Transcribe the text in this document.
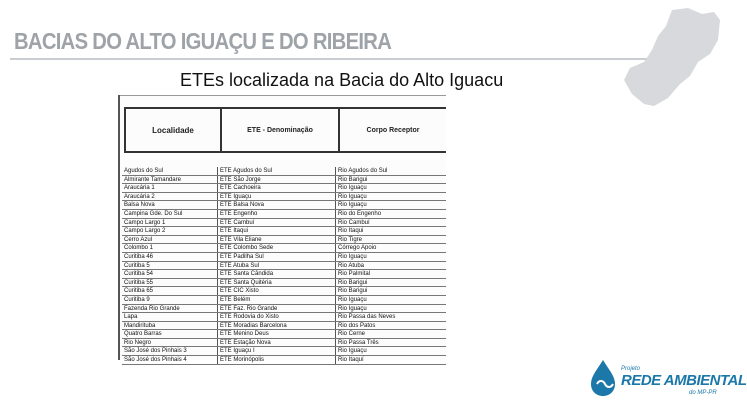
BACIAS DO ALTO IGUAÇU E DO RIBEIRA
ETEs localizada na Bacia do Alto Iguacu
Localidade	ETE - Denominação	Corpo Receptor
Agudos do Sul	ETE Agudos do Sul	Rio Agudos do Sul
Almirante Tamandare	ETE São Jorge	Rio Barigui
Araucária 1	ETE Cachoeira	Rio Iguaçu
Araucária 2	ETE Iguaçu	Rio Iguaçu
Balsa Nova	ETE Balsa Nova	Rio Iguaçu
Campina Gde. Do Sul	ETE Engenho	Rio do Engenho
Campo Largo 1	ETE Cambuí	Rio Cambuí
Campo Largo 2	ETE Itaqui	Rio Itaqui
Cerro Azul	ETE Vila Eliane	Rio Tigre
Colombo 1	ETE Colombo Sede	Córrego Apoio
Curitiba 46	ETE Padilha Sul	Rio Iguaçu
Curitiba 5	ETE Atuba Sul	Rio Atuba
Curitiba 54	ETE Santa Cândida	Rio Palmital
Curitiba 55	ETE Santa Quitéria	Rio Barigui
Curitiba 65	ETE CIC Xisto	Rio Barigui
Curitiba 9	ETE Belém	Rio Iguaçu
Fazenda Rio Grande	ETE Faz. Rio Grande	Rio Iguaçu
Lapa	ETE Rodovia do Xisto	Rio Passa das Neves
Mandirituba	ETE Moradias Barcelona	Rio dos Patos
Quatro Barras	ETE Menino Deus	Rio Cerne
Rio Negro	ETE Estação Nova	Rio Passa Três
São José dos Pinhais 3	ETE Iguaçu I	Rio Iguaçu
São José dos Pinhais 4	ETE Morinópolis	Rio Itaquí
Projeto
REDE AMBIENTAL
do MP-PR
